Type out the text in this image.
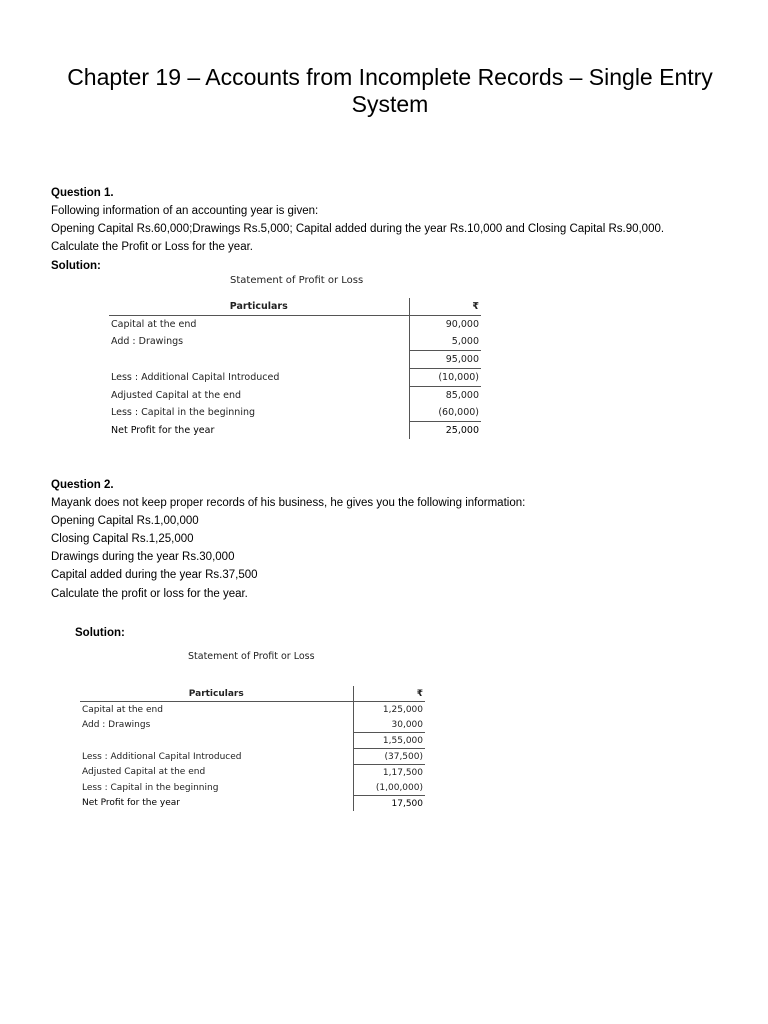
Chapter 19 – Accounts from Incomplete Records – Single Entry System
Question 1.
Following information of an accounting year is given:
Opening Capital Rs.60,000;Drawings Rs.5,000; Capital added during the year Rs.10,000 and Closing Capital Rs.90,000.
Calculate the Profit or Loss for the year.
Solution:
Statement of Profit or Loss
Particulars	₹
Capital at the end	90,000
Add : Drawings	5,000
	95,000
Less : Additional Capital Introduced	(10,000)
Adjusted Capital at the end	85,000
Less : Capital in the beginning	(60,000)
Net Profit for the year	25,000
Question 2.
Mayank does not keep proper records of his business, he gives you the following information:
Opening Capital Rs.1,00,000
Closing Capital Rs.1,25,000
Drawings during the year Rs.30,000
Capital added during the year Rs.37,500
Calculate the profit or loss for the year.
Solution:
Statement of Profit or Loss
Particulars	₹
Capital at the end	1,25,000
Add : Drawings	30,000
	1,55,000
Less : Additional Capital Introduced	(37,500)
Adjusted Capital at the end	1,17,500
Less : Capital in the beginning	(1,00,000)
Net Profit for the year	17,500
